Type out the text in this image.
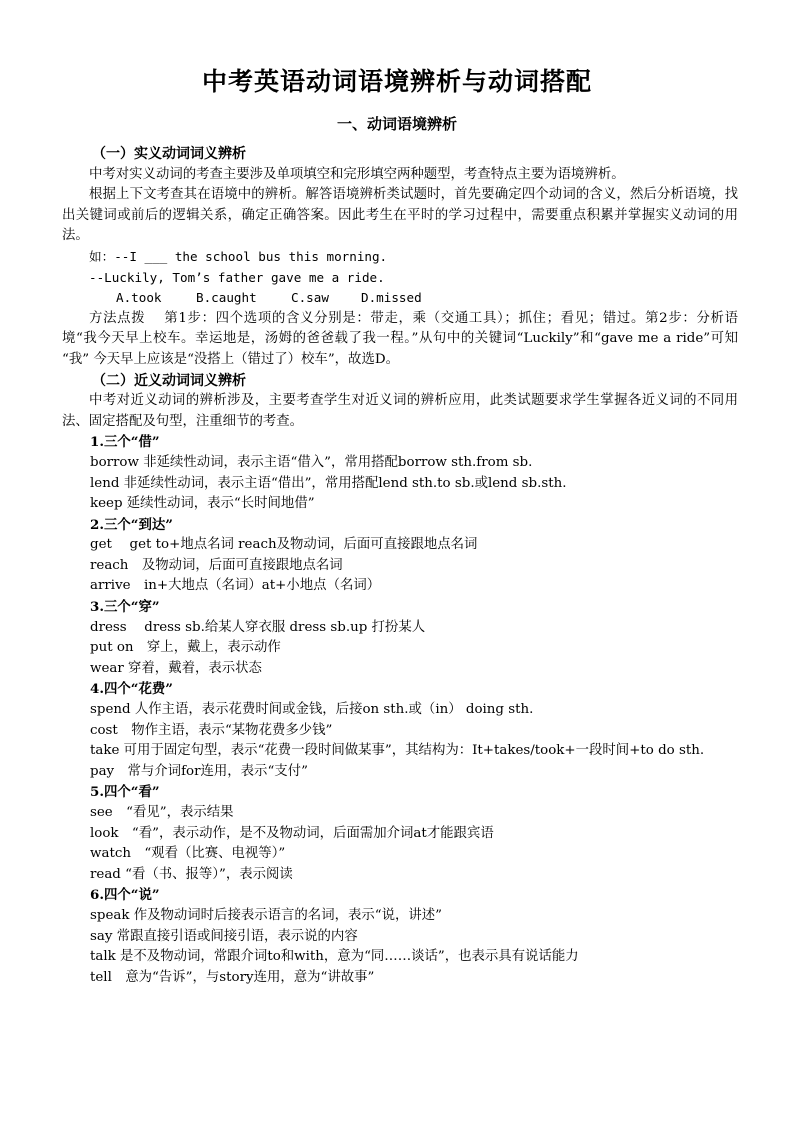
中考英语动词语境辨析与动词搭配
一、动词语境辨析

（一）实义动词词义辨析

中考对实义动词的考查主要涉及单项填空和完形填空两种题型，考查特点主要为语境辨析。

根据上下文考查其在语境中的辨析。解答语境辨析类试题时，首先要确定四个动词的含义，然后分析语境，找出关键词或前后的逻辑关系，确定正确答案。因此考生在平时的学习过程中，需要重点积累并掌握实义动词的用法。

如：--I ___ the school bus this morning.

--Luckily, Tom’s father gave me a ride.

A.took	B.caught	C.saw	D.missed

方法点拨　 第1步：四个选项的含义分别是：带走，乘（交通工具）；抓住；看见；错过。第2步：分析语境“我今天早上校车。幸运地是，汤姆的爸爸载了我一程。”从句中的关键词“Luckily”和“gave me a ride”可知 “我” 今天早上应该是“没搭上（错过了）校车”，故选D。

（二）近义动词词义辨析

中考对近义动词的辨析涉及，主要考查学生对近义词的辨析应用，此类试题要求学生掌握各近义词的不同用法、固定搭配及句型，注重细节的考查。

1.三个“借”

borrow 非延续性动词，表示主语“借入”，常用搭配borrow sth.from sb.

lend 非延续性动词，表示主语“借出”，常用搭配lend sth.to sb.或lend sb.sth.

keep 延续性动词，表示“长时间地借”

2.三个“到达”

get　 get to+地点名词 reach及物动词，后面可直接跟地点名词

reach　及物动词，后面可直接跟地点名词

arrive　in+大地点（名词）at+小地点（名词）

3.三个“穿”

dress　 dress sb.给某人穿衣服 dress sb.up 打扮某人

put on　穿上，戴上，表示动作

wear 穿着，戴着，表示状态

4.四个“花费”

spend 人作主语，表示花费时间或金钱，后接on sth.或（in） doing sth.

cost　物作主语，表示“某物花费多少钱”

take 可用于固定句型，表示“花费一段时间做某事”，其结构为：It+takes/took+一段时间+to do sth.

pay　常与介词for连用，表示“支付”

5.四个“看”

see　“看见”，表示结果

look　“看”，表示动作，是不及物动词，后面需加介词at才能跟宾语

watch　“观看（比赛、电视等）”

read “看（书、报等）”，表示阅读

6.四个“说”

speak 作及物动词时后接表示语言的名词，表示“说，讲述”

say 常跟直接引语或间接引语，表示说的内容

talk 是不及物动词，常跟介词to和with，意为“同……谈话”，也表示具有说话能力

tell　意为“告诉”，与story连用，意为“讲故事”
